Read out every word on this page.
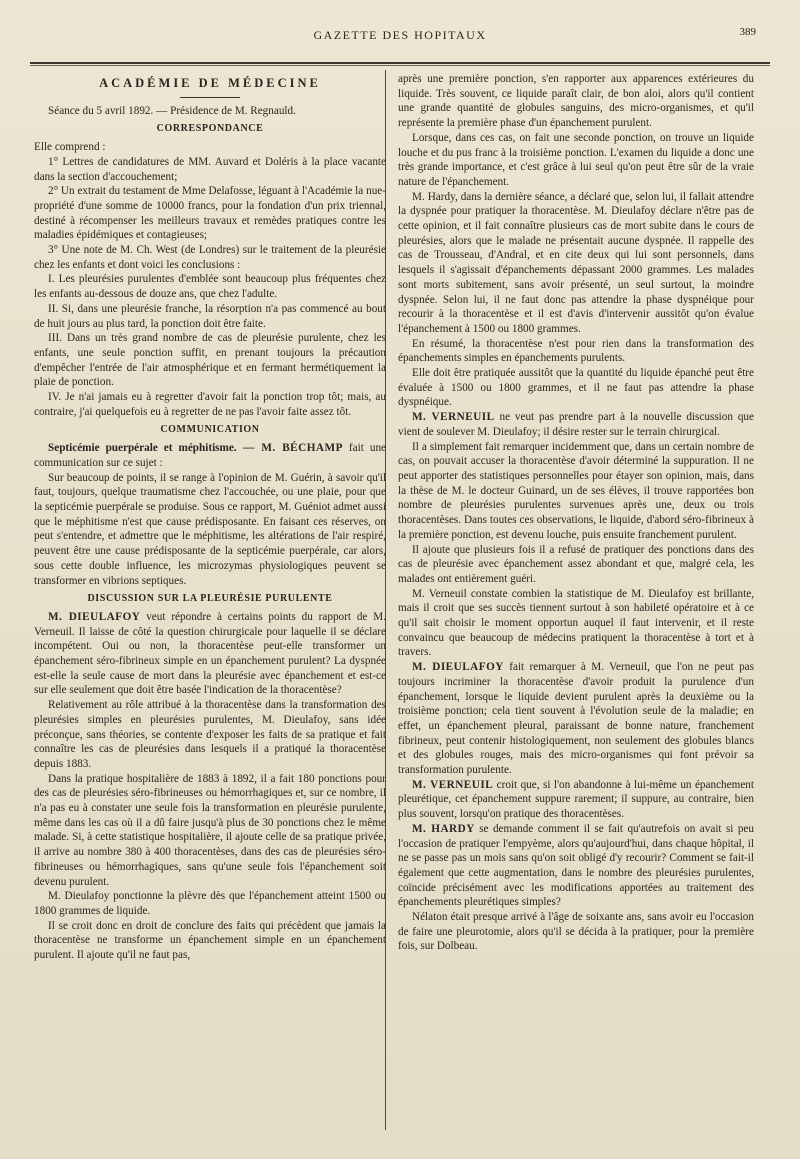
GAZETTE DES HOPITAUX	389

ACADÉMIE DE MÉDECINE

Séance du 5 avril 1892. — Présidence de M. Regnauld.

CORRESPONDANCE

Elle comprend :

1° Lettres de candidatures de MM. Auvard et Doléris à la place vacante dans la section d'accouchement;

2° Un extrait du testament de Mme Delafosse, léguant à l'Académie la nue-propriété d'une somme de 10000 francs, pour la fondation d'un prix triennal, destiné à récompenser les meilleurs travaux et remèdes pratiques contre les maladies épidémiques et contagieuses;

3° Une note de M. Ch. West (de Londres) sur le traitement de la pleurésie chez les enfants et dont voici les conclusions :

I. Les pleurésies purulentes d'emblée sont beaucoup plus fréquentes chez les enfants au-dessous de douze ans, que chez l'adulte.

II. Si, dans une pleurésie franche, la résorption n'a pas commencé au bout de huit jours au plus tard, la ponction doit être faite.

III. Dans un très grand nombre de cas de pleurésie purulente, chez les enfants, une seule ponction suffit, en prenant toujours la précaution d'empêcher l'entrée de l'air atmosphérique et en fermant hermétiquement la plaie de ponction.

IV. Je n'ai jamais eu à regretter d'avoir fait la ponction trop tôt; mais, au contraire, j'ai quelquefois eu à regretter de ne pas l'avoir faite assez tôt.

COMMUNICATION

Septicémie puerpérale et méphitisme. — M. BÉCHAMP fait une communication sur ce sujet :

Sur beaucoup de points, il se range à l'opinion de M. Guérin, à savoir qu'il faut, toujours, quelque traumatisme chez l'accouchée, ou une plaie, pour que la septicémie puerpérale se produise. Sous ce rapport, M. Guéniot admet aussi que le méphitisme n'est que cause prédisposante. En faisant ces réserves, on peut s'entendre, et admettre que le méphitisme, les altérations de l'air respiré, peuvent être une cause prédisposante de la septicémie puerpérale, car alors, sous cette double influence, les microzymas physiologiques peuvent se transformer en vibrions septiques.

DISCUSSION SUR LA PLEURÉSIE PURULENTE

M. DIEULAFOY veut répondre à certains points du rapport de M. Verneuil. Il laisse de côté la question chirurgicale pour laquelle il se déclare incompétent. Oui ou non, la thoracentèse peut-elle transformer un épanchement séro-fibrineux simple en un épanchement purulent? La dyspnée est-elle la seule cause de mort dans la pleurésie avec épanchement et est-ce sur elle seulement que doit être basée l'indication de la thoracentèse?

Relativement au rôle attribué à la thoracentèse dans la transformation des pleurésies simples en pleurésies purulentes, M. Dieulafoy, sans idée préconçue, sans théories, se contente d'exposer les faits de sa pratique et fait connaître les cas de pleurésies dans lesquels il a pratiqué la thoracentèse depuis 1883.

Dans la pratique hospitalière de 1883 à 1892, il a fait 180 ponctions pour des cas de pleurésies séro-fibrineuses ou hémorrhagiques et, sur ce nombre, il n'a pas eu à constater une seule fois la transformation en pleurésie purulente, même dans les cas où il a dû faire jusqu'à plus de 30 ponctions chez le même malade. Si, à cette statistique hospitalière, il ajoute celle de sa pratique privée, il arrive au nombre 380 à 400 thoracentèses, dans des cas de pleurésies séro-fibrineuses ou hémorrhagiques, sans qu'une seule fois l'épanchement soit devenu purulent.

M. Dieulafoy ponctionne la plèvre dès que l'épanchement atteint 1500 ou 1800 grammes de liquide.

Il se croit donc en droit de conclure des faits qui précèdent que jamais la thoracentèse ne transforme un épanchement simple en un épanchement purulent. Il ajoute qu'il ne faut pas,

après une première ponction, s'en rapporter aux apparences extérieures du liquide. Très souvent, ce liquide paraît clair, de bon aloi, alors qu'il contient une grande quantité de globules sanguins, des micro-organismes, et qu'il représente la première phase d'un épanchement purulent.

Lorsque, dans ces cas, on fait une seconde ponction, on trouve un liquide louche et du pus franc à la troisième ponction. L'examen du liquide a donc une très grande importance, et c'est grâce à lui seul qu'on peut être sûr de la vraie nature de l'épanchement.

M. Hardy, dans la dernière séance, a déclaré que, selon lui, il fallait attendre la dyspnée pour pratiquer la thoracentèse. M. Dieulafoy déclare n'être pas de cette opinion, et il fait connaître plusieurs cas de mort subite dans le cours de pleurésies, alors que le malade ne présentait aucune dyspnée. Il rappelle des cas de Trousseau, d'Andral, et en cite deux qui lui sont personnels, dans lesquels il s'agissait d'épanchements dépassant 2000 grammes. Les malades sont morts subitement, sans avoir présenté, un seul surtout, la moindre dyspnée. Selon lui, il ne faut donc pas attendre la phase dyspnéique pour recourir à la thoracentèse et il est d'avis d'intervenir aussitôt qu'on évalue l'épanchement à 1500 ou 1800 grammes.

En résumé, la thoracentèse n'est pour rien dans la transformation des épanchements simples en épanchements purulents.

Elle doit être pratiquée aussitôt que la quantité du liquide épanché peut être évaluée à 1500 ou 1800 grammes, et il ne faut pas attendre la phase dyspnéique.

M. VERNEUIL ne veut pas prendre part à la nouvelle discussion que vient de soulever M. Dieulafoy; il désire rester sur le terrain chirurgical.

Il a simplement fait remarquer incidemment que, dans un certain nombre de cas, on pouvait accuser la thoracentèse d'avoir déterminé la suppuration. Il ne peut apporter des statistiques personnelles pour étayer son opinion, mais, dans la thèse de M. le docteur Guinard, un de ses élèves, il trouve rapportées bon nombre de pleurésies purulentes survenues après une, deux ou trois thoracentèses. Dans toutes ces observations, le liquide, d'abord séro-fibrineux à la première ponction, est devenu louche, puis ensuite franchement purulent.

Il ajoute que plusieurs fois il a refusé de pratiquer des ponctions dans des cas de pleurésie avec épanchement assez abondant et que, malgré cela, les malades ont entièrement guéri.

M. Verneuil constate combien la statistique de M. Dieulafoy est brillante, mais il croit que ses succès tiennent surtout à son habileté opératoire et à ce qu'il sait choisir le moment opportun auquel il faut intervenir, et il reste convaincu que beaucoup de médecins pratiquent la thoracentèse à tort et à travers.

M. DIEULAFOY fait remarquer à M. Verneuil, que l'on ne peut pas toujours incriminer la thoracentèse d'avoir produit la purulence d'un épanchement, lorsque le liquide devient purulent après la deuxième ou la troisième ponction; cela tient souvent à l'évolution seule de la maladie; en effet, un épanchement pleural, paraissant de bonne nature, franchement fibrineux, peut contenir histologiquement, non seulement des globules blancs et des globules rouges, mais des micro-organismes qui font prévoir sa transformation purulente.

M. VERNEUIL croit que, si l'on abandonne à lui-même un épanchement pleurétique, cet épanchement suppure rarement; il suppure, au contraire, bien plus souvent, lorsqu'on pratique des thoracentèses.

M. HARDY se demande comment il se fait qu'autrefois on avait si peu l'occasion de pratiquer l'empyème, alors qu'aujourd'hui, dans chaque hôpital, il ne se passe pas un mois sans qu'on soit obligé d'y recourir? Comment se fait-il également que cette augmentation, dans le nombre des pleurésies purulentes, coïncide précisément avec les modifications apportées au traitement des épanchements pleurétiques simples?

Nélaton était presque arrivé à l'âge de soixante ans, sans avoir eu l'occasion de faire une pleurotomie, alors qu'il se décida à la pratiquer, pour la première fois, sur Dolbeau.
